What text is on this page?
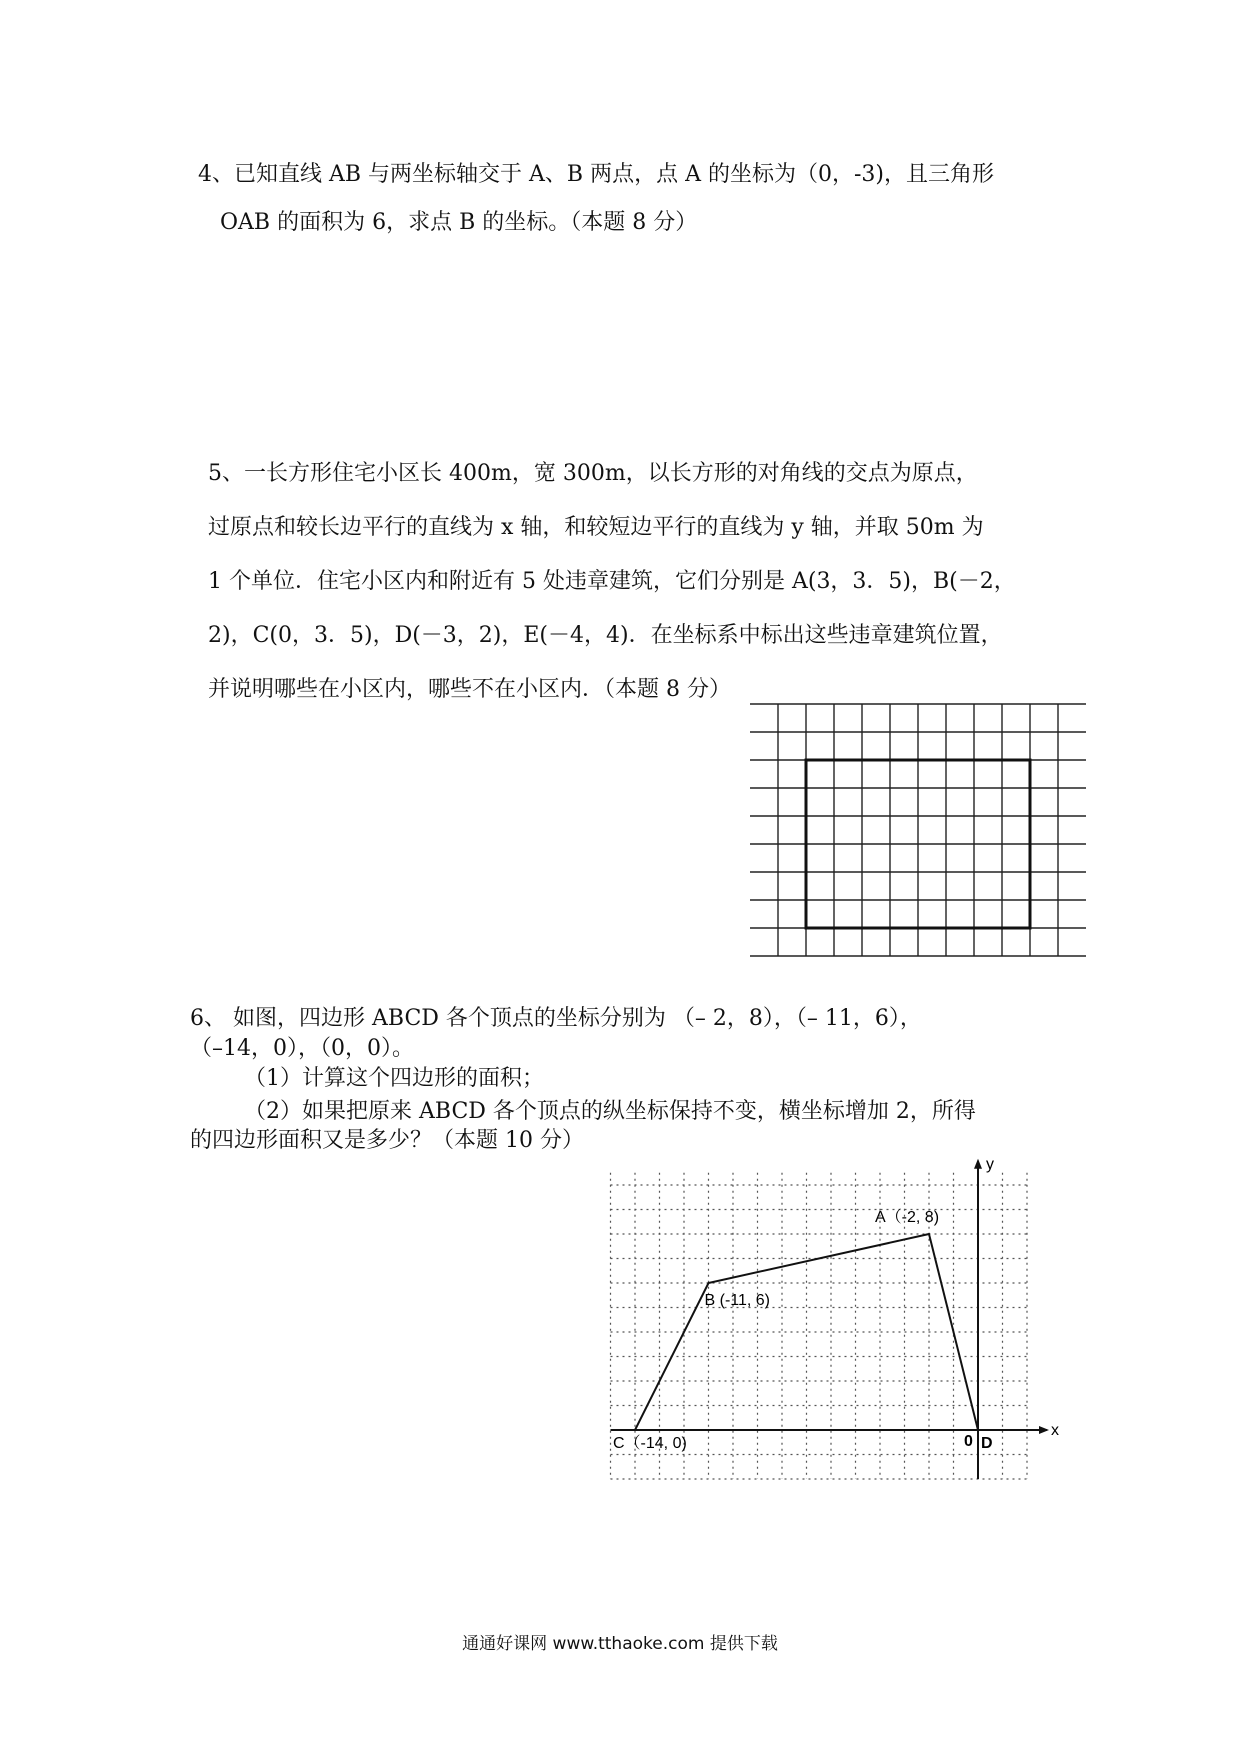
4、已知直线 AB 与两坐标轴交于 A、B 两点，点 A 的坐标为（0，-3)，且三角形
OAB 的面积为 6，求点 B 的坐标。（本题 8 分）

5、一长方形住宅小区长 400m，宽 300m，以长方形的对角线的交点为原点，

过原点和较长边平行的直线为 x 轴，和较短边平行的直线为 y 轴，并取 50m 为

1 个单位．住宅小区内和附近有 5 处违章建筑，它们分别是 A(3，3．5)，B(－2，

2)，C(0，3．5)，D(－3，2)，E(－4，4)．在坐标系中标出这些违章建筑位置，

并说明哪些在小区内，哪些不在小区内．（本题 8 分）

6、 如图，四边形 ABCD 各个顶点的坐标分别为 （– 2，8），（– 11，6），
（–14，0），（0，0）。
（1）计算这个四边形的面积；
（2）如果把原来 ABCD 各个顶点的纵坐标保持不变，横坐标增加 2，所得
的四边形面积又是多少？（本题 10 分）
A（-2, 8)
B (-11, 6)
C（-14, 0)	0 D
x
y
通通好课网 www.tthaoke.com 提供下载
